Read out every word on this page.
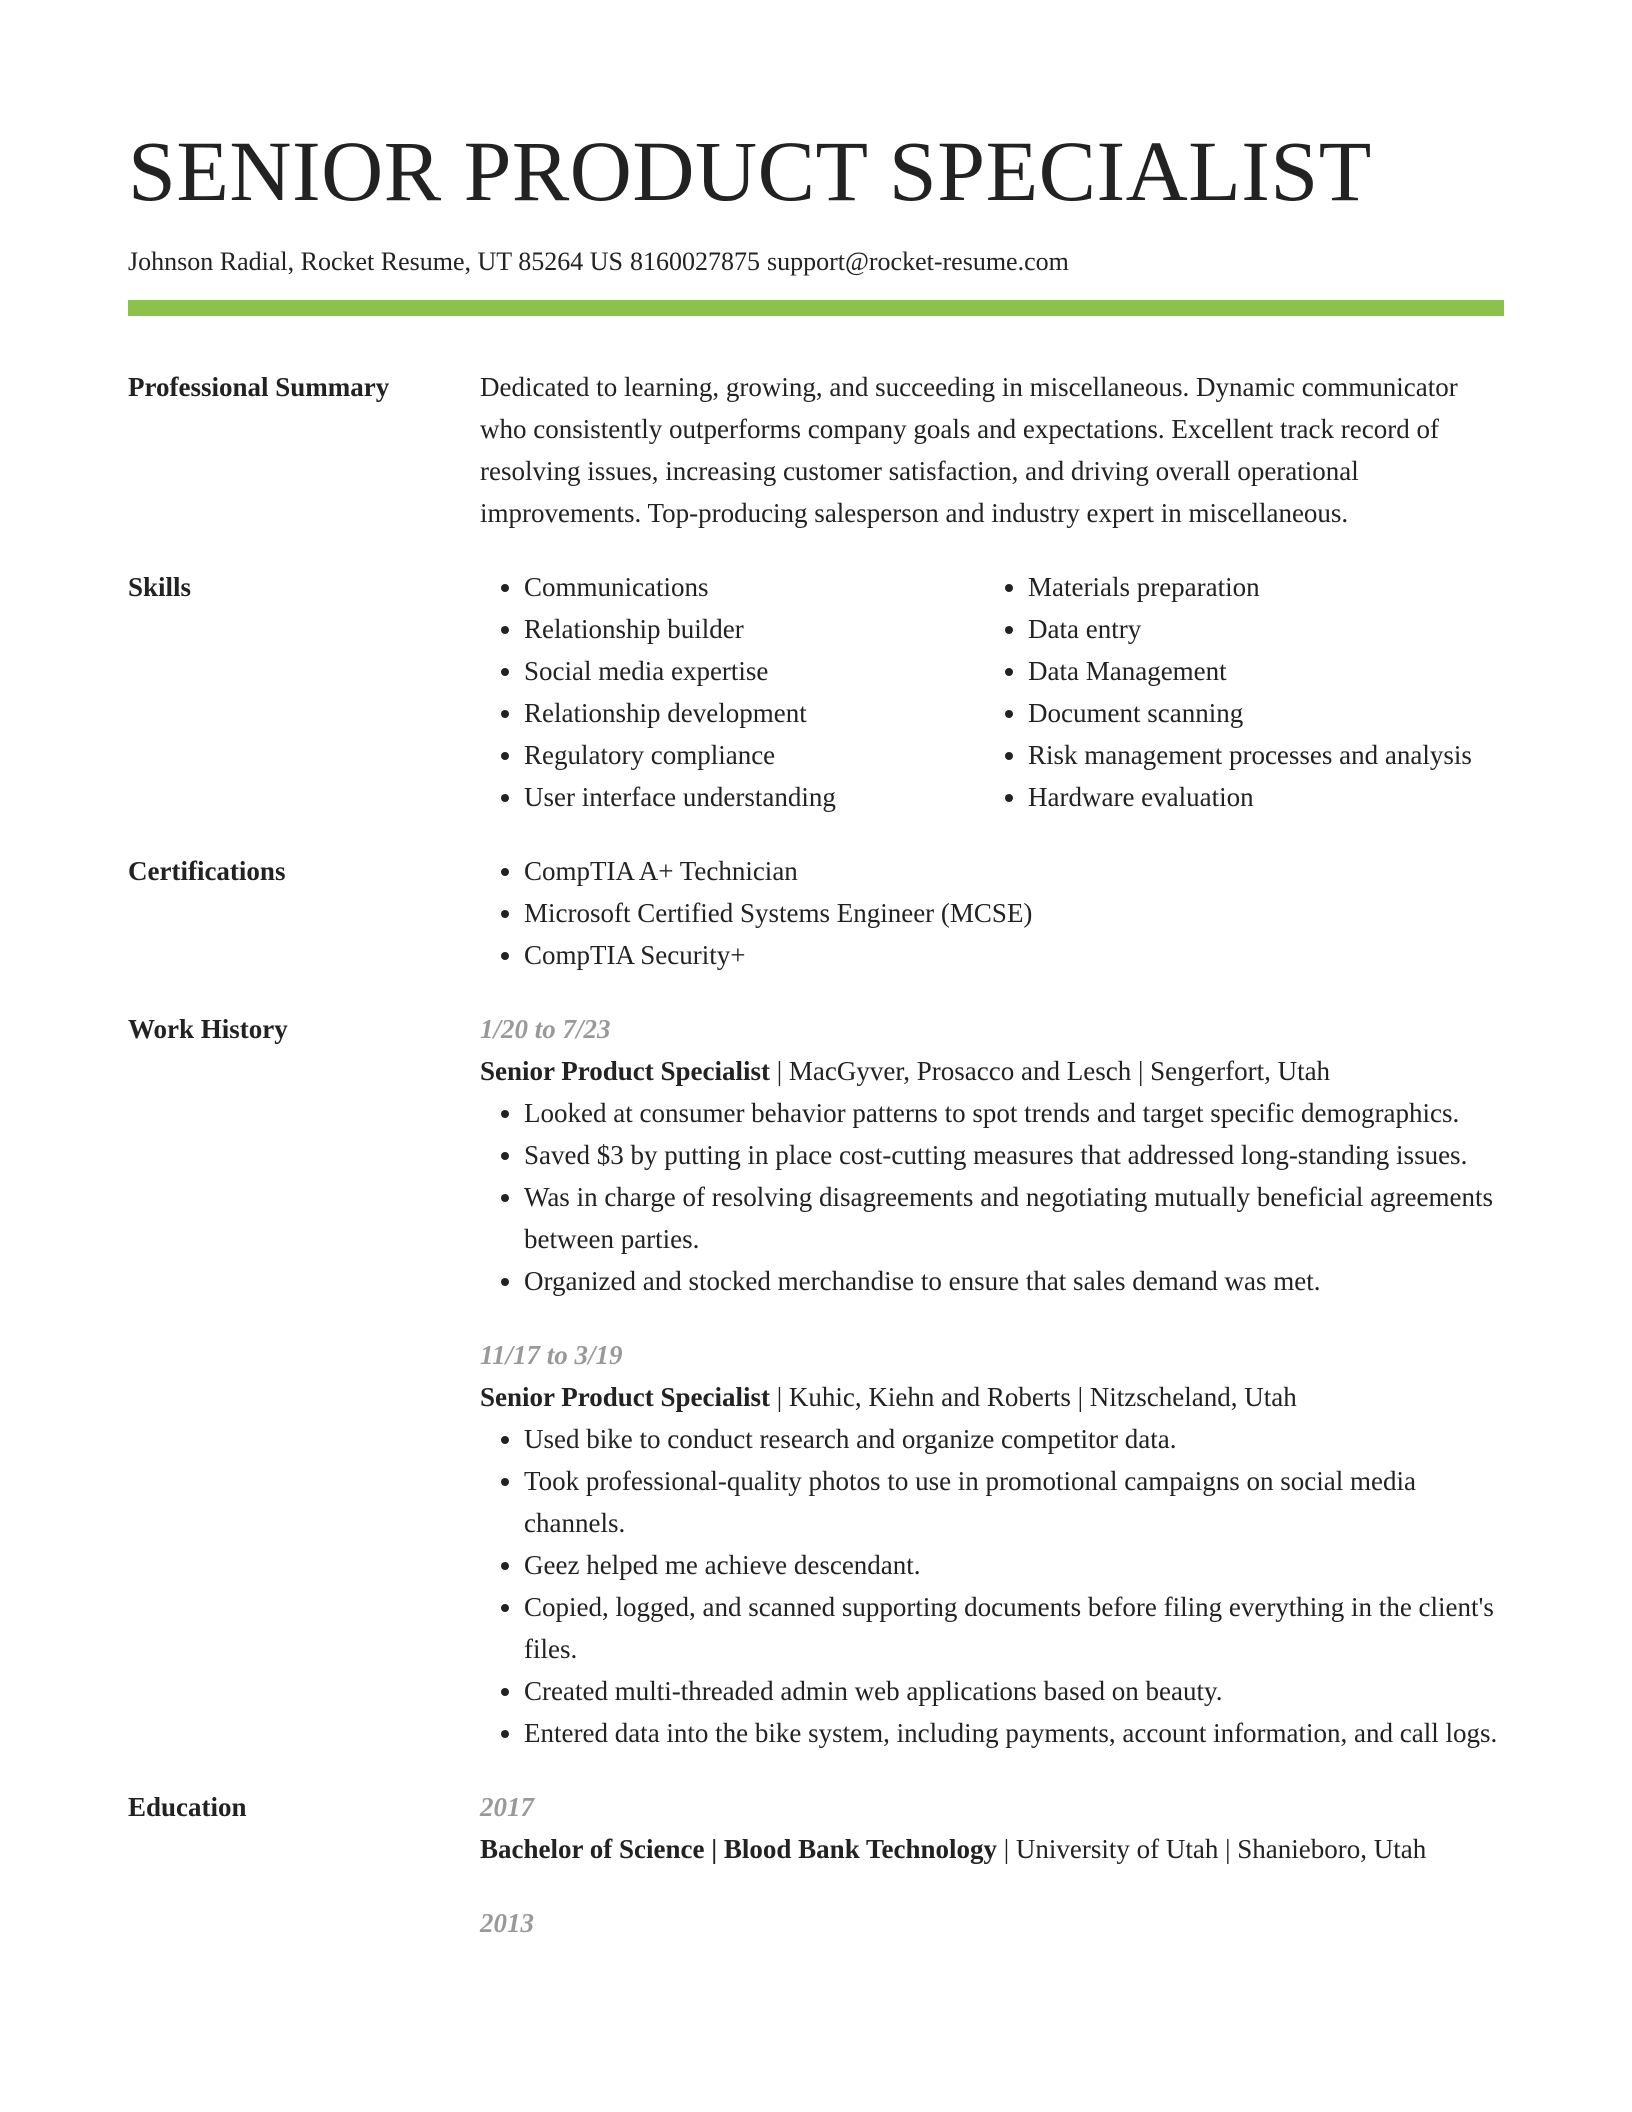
SENIOR PRODUCT SPECIALIST
Johnson Radial, Rocket Resume, UT 85264 US 8160027875 support@rocket-resume.com
Professional Summary	Dedicated to learning, growing, and succeeding in miscellaneous. Dynamic communicator who consistently outperforms company goals and expectations. Excellent track record of resolving issues, increasing customer satisfaction, and driving overall operational improvements. Top-producing salesperson and industry expert in miscellaneous.

Skills	• Communications
• Relationship builder
• Social media expertise
• Relationship development
• Regulatory compliance
• User interface understanding
• Materials preparation
• Data entry
• Data Management
• Document scanning
• Risk management processes and analysis
• Hardware evaluation
Certifications	• CompTIA A+ Technician
• Microsoft Certified Systems Engineer (MCSE)
• CompTIA Security+
Work History	1/20 to 7/23
Senior Product Specialist | MacGyver, Prosacco and Lesch | Sengerfort, Utah
• Looked at consumer behavior patterns to spot trends and target specific demographics.
• Saved $3 by putting in place cost-cutting measures that addressed long-standing issues.
• Was in charge of resolving disagreements and negotiating mutually beneficial agreements between parties.
• Organized and stocked merchandise to ensure that sales demand was met.
11/17 to 3/19
Senior Product Specialist | Kuhic, Kiehn and Roberts | Nitzscheland, Utah
• Used bike to conduct research and organize competitor data.
• Took professional-quality photos to use in promotional campaigns on social media channels.
• Geez helped me achieve descendant.
• Copied, logged, and scanned supporting documents before filing everything in the client's files.
• Created multi-threaded admin web applications based on beauty.
• Entered data into the bike system, including payments, account information, and call logs.
Education	2017
Bachelor of Science | Blood Bank Technology | University of Utah | Shanieboro, Utah
2013
